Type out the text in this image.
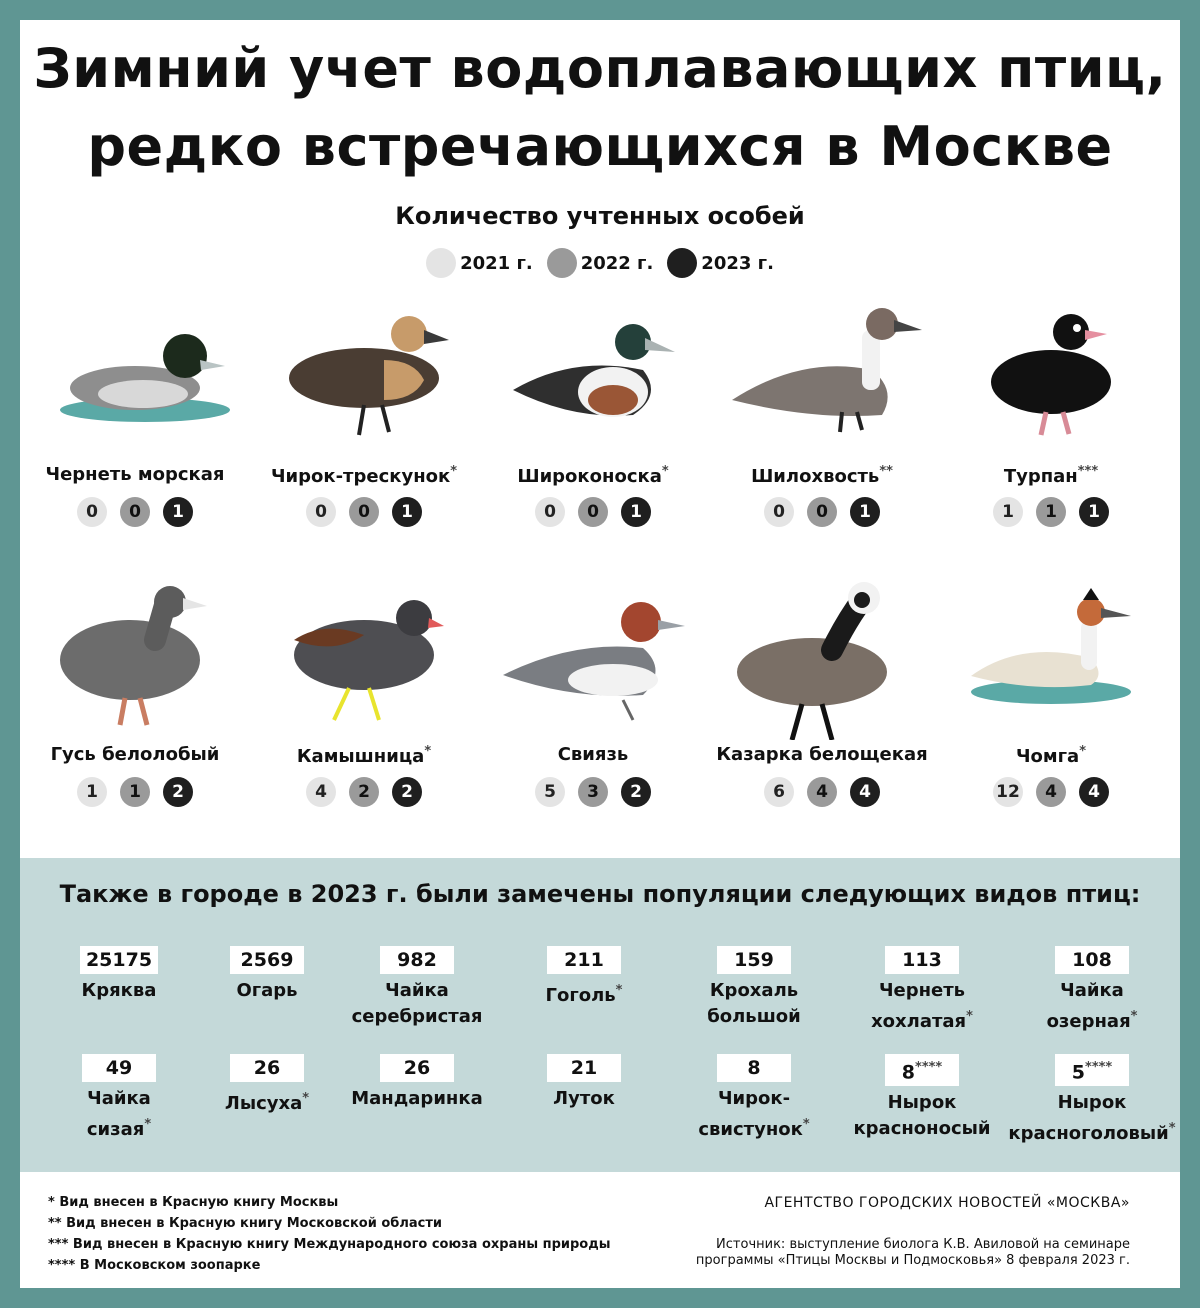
Зимний учет водоплавающих птиц,
редко встречающихся в Москве
Количество учтенных особей
2021 г.	2022 г.	2023 г.
Чернеть морская
0	0	1
Чирок-трескунок*
0	0	1
Широконоска*
0	0	1
Шилохвость**
0	0	1
Турпан***
1	1	1
Гусь белолобый
1	1	2
Камышница*
4	2	2
Свиязь
5	3	2
Казарка белощекая
6	4	4
Чомга*
12	4	4
Также в городе в 2023 г. были замечены популяции следующих видов птиц:
25175
Кряква
2569
Огарь
982
Чайка
серебристая
211
Гоголь*
159
Крохаль
большой
113
Чернеть
хохлатая*
108
Чайка
озерная*
49
Чайка
сизая*
26
Лысуха*
26
Мандаринка
21
Луток
8
Чирок-
свистунок*
8****
Нырок
красноносый
5****
Нырок
красноголовый*
* Вид внесен в Красную книгу Москвы
** Вид внесен в Красную книгу Московской области
*** Вид внесен в Красную книгу Международного союза охраны природы
**** В Московском зоопарке
АГЕНТСТВО ГОРОДСКИХ НОВОСТЕЙ «МОСКВА»
Источник: выступление биолога К.В. Авиловой на семинаре
программы «Птицы Москвы и Подмосковья» 8 февраля 2023 г.
